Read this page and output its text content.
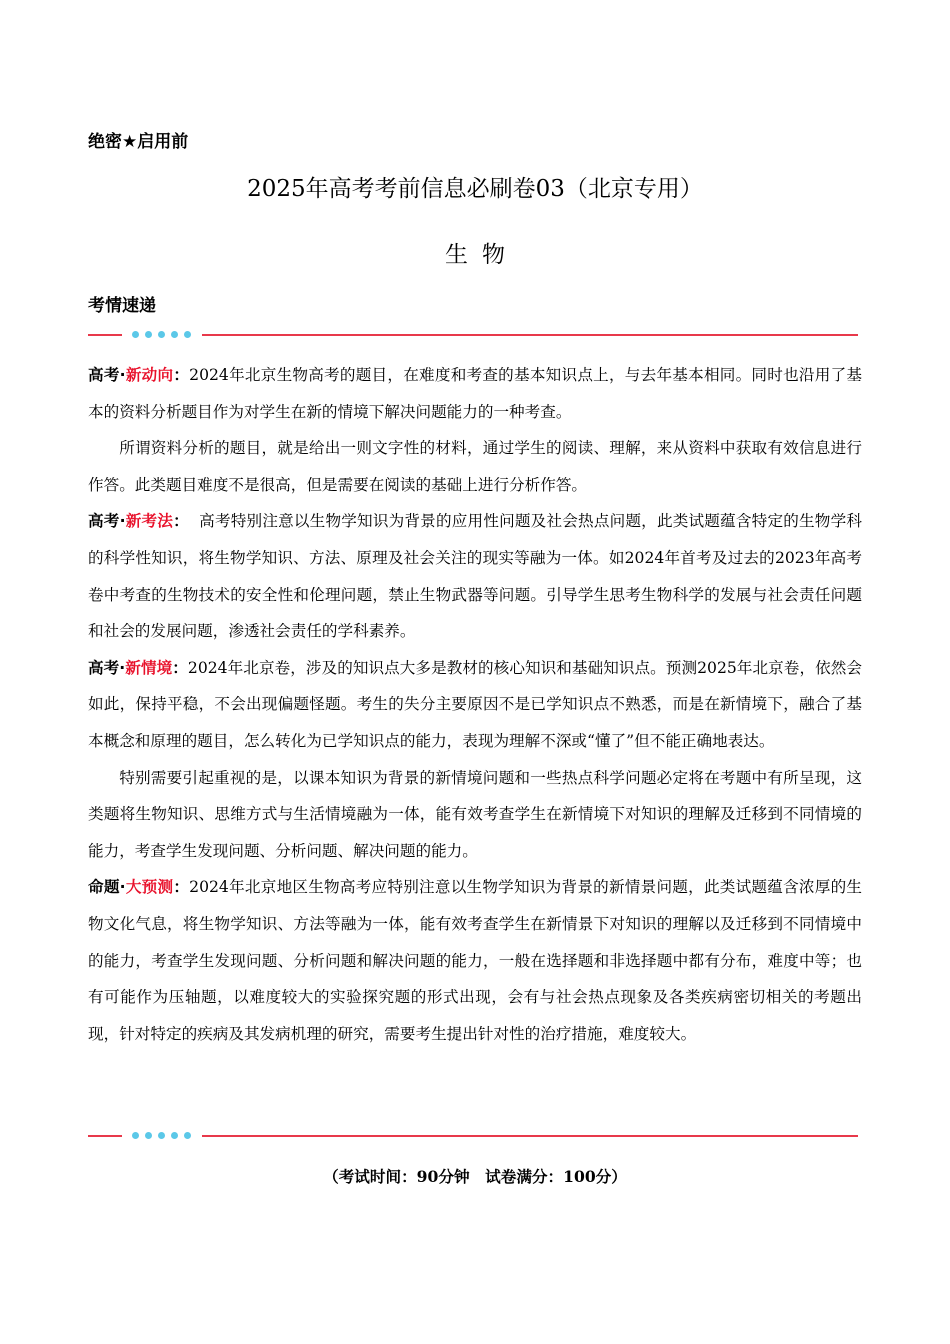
绝密★启用前
2025年高考考前信息必刷卷03（北京专用）
生物
考情速递

高考·新动向：2024年北京生物高考的题目，在难度和考查的基本知识点上，与去年基本相同。同时也沿用了基本的资料分析题目作为对学生在新的情境下解决问题能力的一种考查。

所谓资料分析的题目，就是给出一则文字性的材料，通过学生的阅读、理解，来从资料中获取有效信息进行作答。此类题目难度不是很高，但是需要在阅读的基础上进行分析作答。

高考·新考法： 高考特别注意以生物学知识为背景的应用性问题及社会热点问题，此类试题蕴含特定的生物学科的科学性知识，将生物学知识、方法、原理及社会关注的现实等融为一体。如2024年首考及过去的2023年高考卷中考查的生物技术的安全性和伦理问题，禁止生物武器等问题。引导学生思考生物科学的发展与社会责任问题和社会的发展问题，渗透社会责任的学科素养。

高考·新情境：2024年北京卷，涉及的知识点大多是教材的核心知识和基础知识点。预测2025年北京卷，依然会如此，保持平稳，不会出现偏题怪题。考生的失分主要原因不是已学知识点不熟悉，而是在新情境下，融合了基本概念和原理的题目，怎么转化为已学知识点的能力，表现为理解不深或“懂了”但不能正确地表达。

特别需要引起重视的是，以课本知识为背景的新情境问题和一些热点科学问题必定将在考题中有所呈现，这类题将生物知识、思维方式与生活情境融为一体，能有效考查学生在新情境下对知识的理解及迁移到不同情境的能力，考查学生发现问题、分析问题、解决问题的能力。

命题·大预测：2024年北京地区生物高考应特别注意以生物学知识为背景的新情景问题，此类试题蕴含浓厚的生物文化气息，将生物学知识、方法等融为一体，能有效考查学生在新情景下对知识的理解以及迁移到不同情境中的能力，考查学生发现问题、分析问题和解决问题的能力，一般在选择题和非选择题中都有分布，难度中等；也有可能作为压轴题，以难度较大的实验探究题的形式出现，会有与社会热点现象及各类疾病密切相关的考题出现，针对特定的疾病及其发病机理的研究，需要考生提出针对性的治疗措施，难度较大。

（考试时间：90分钟　试卷满分：100分）
